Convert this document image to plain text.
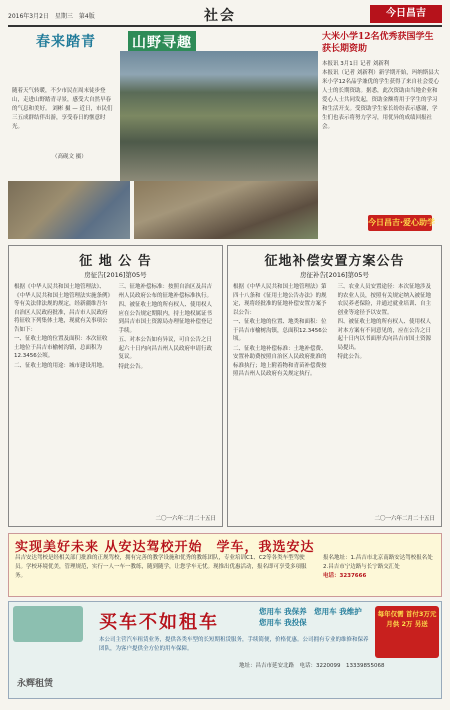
2016年3月2日　星期三　第4版	社会	今日昌吉
春来踏青	山野寻趣
随着天气转暖，不少市民在周末徒步登山，走进山野踏青寻景，感受大自然早春的气息和美好。 刘彬 摄 — 近日，市民们三五成群结伴出游，享受春日的惬意时光。
（高砚文 摄）
大米小学12名优秀获国学生获长期资助
本报讯 3月1日 记者 刘新利
本报讯（记者 刘新利）新学期开始，玛纳斯县大米小学12名品学兼优的学生获得了来自社会爱心人士的长期资助。据悉，此次资助由当地企业和爱心人士共同发起，资助金额将用于学生的学习和生活开支。受资助学生家长纷纷表示感谢，学生们也表示将努力学习，用优异的成绩回报社会。
今日昌吉·爱心助学
征 地 公 告
房征告[2016]第05号

根据《中华人民共和国土地管理法》、《中华人民共和国土地管理法实施条例》等有关法律法规的规定，经新疆维吾尔自治区人民政府批准，昌吉市人民政府将征收下列集体土地，现就有关事项公告如下：

一、征收土地的位置及面积：本次征收土地位于昌吉市榆树沟镇，总面积为12.3456公顷。

二、征收土地的用途：城市建设用地。

三、征地补偿标准：按照自治区及昌吉州人民政府公布的征地补偿标准执行。

四、被征收土地的所有权人、使用权人应在公告规定期限内，持土地权属证书到昌吉市国土资源局办理征地补偿登记手续。

五、对本公告如有异议，可自公告之日起六十日内向昌吉州人民政府申请行政复议。

特此公告。

二〇一六年二月二十五日
征地补偿安置方案公告
房征补告[2016]第05号

根据《中华人民共和国土地管理法》第四十八条和《征用土地公告办法》的规定，现将经批准的征地补偿安置方案予以公告：

一、征收土地的位置、地类和面积：位于昌吉市榆树沟镇，总面积12.3456公顷。

二、征收土地补偿标准：土地补偿费、安置补助费按照自治区人民政府批准的标准执行；地上附着物和青苗补偿费按照昌吉州人民政府有关规定执行。

三、农业人员安置途径：本次征地涉及的农业人员，按照有关规定纳入被征地农民养老保险，并通过就业培训、自主创业等途径予以安置。

四、被征收土地的所有权人、使用权人对本方案有不同意见的，应在公告之日起十日内以书面形式向昌吉市国土资源局提出。

特此公告。

二〇一六年二月二十五日
实现美好未来 从安达驾校开始　学车，我选安达
昌吉安达驾校是经相关部门批准的正规驾校，拥有完善的教学设施和优秀的教练团队，专业培训C1、C2等各类车型驾驶员。学校环境优美，管理规范，实行一人一车一教练，随到随学，让您学车无忧。现推出优惠活动，报名即可享受多项服务。
报名地址：1.昌吉市北京南路安达驾校报名处 2.昌吉市宁边路与长宁路交汇处
电话：3237666
永辉租赁
买车不如租车
您用车 我保养　您用车 我维护　您用车 我投保
每年仅需 首付3万元 月供 2万 另送
本公司主营汽车租赁业务，提供各类车型的长短期租赁服务，手续简便，价格优惠。公司拥有专业的维修和保养团队，为客户提供全方位的用车保障。
地址：昌吉市延安北路　电话：3220099　13339855068
